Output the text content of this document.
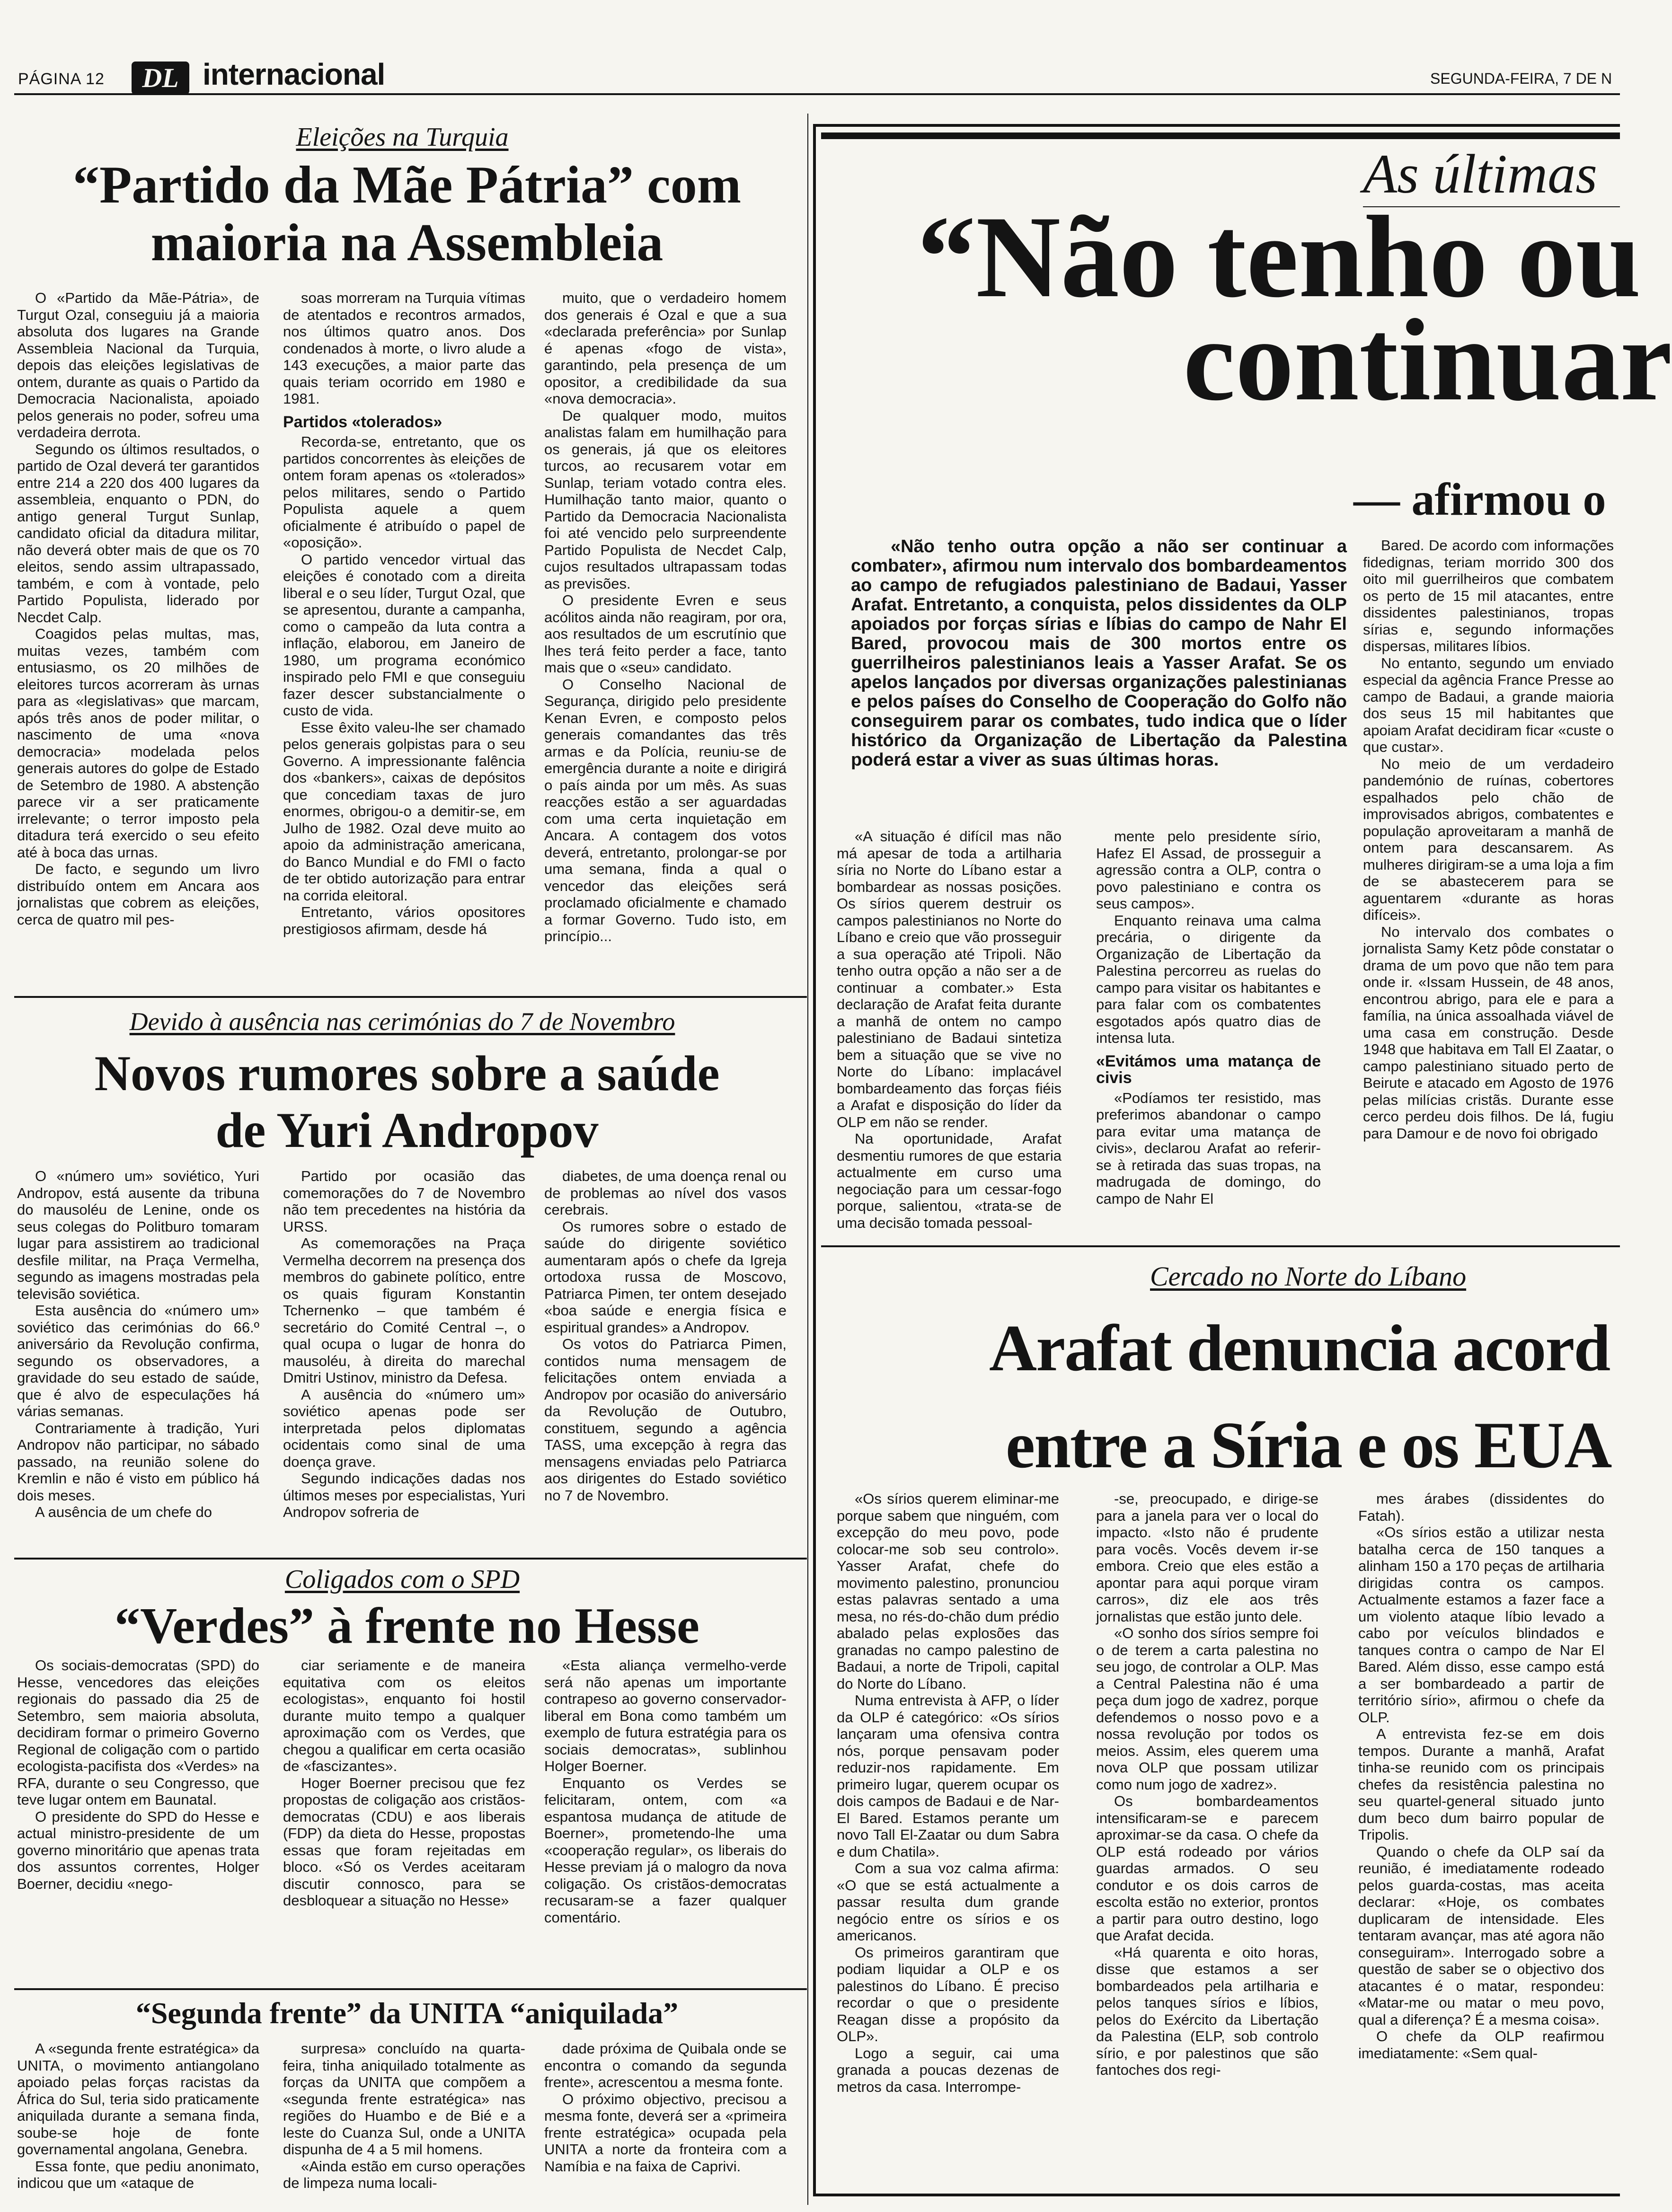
PÁGINA 12	DL internacional	SEGUNDA-FEIRA, 7 DE N
Eleições na Turquia
“Partido da Mãe Pátria” com maioria na Assembleia

O «Partido da Mãe-Pátria», de Turgut Ozal, conseguiu já a maioria absoluta dos lugares na Grande Assembleia Nacional da Turquia, depois das eleições legislativas de ontem, durante as quais o Partido da Democracia Nacionalista, apoiado pelos generais no poder, sofreu uma verdadeira derrota.

Segundo os últimos resultados, o partido de Ozal deverá ter garantidos entre 214 a 220 dos 400 lugares da assembleia, enquanto o PDN, do antigo general Turgut Sunlap, candidato oficial da ditadura militar, não deverá obter mais de que os 70 eleitos, sendo assim ultrapassado, também, e com à vontade, pelo Partido Populista, liderado por Necdet Calp.

Coagidos pelas multas, mas, muitas vezes, também com entusiasmo, os 20 milhões de eleitores turcos acorreram às urnas para as «legislativas» que marcam, após três anos de poder militar, o nascimento de uma «nova democracia» modelada pelos generais autores do golpe de Estado de Setembro de 1980. A abstenção parece vir a ser praticamente irrelevante; o terror imposto pela ditadura terá exercido o seu efeito até à boca das urnas.

De facto, e segundo um livro distribuído ontem em Ancara aos jornalistas que cobrem as eleições, cerca de quatro mil pes-

soas morreram na Turquia vítimas de atentados e recontros armados, nos últimos quatro anos. Dos condenados à morte, o livro alude a 143 execuções, a maior parte das quais teriam ocorrido em 1980 e 1981.

Partidos «tolerados»

Recorda-se, entretanto, que os partidos concorrentes às eleições de ontem foram apenas os «tolerados» pelos militares, sendo o Partido Populista aquele a quem oficialmente é atribuído o papel de «oposição».

O partido vencedor virtual das eleições é conotado com a direita liberal e o seu líder, Turgut Ozal, que se apresentou, durante a campanha, como o campeão da luta contra a inflação, elaborou, em Janeiro de 1980, um programa económico inspirado pelo FMI e que conseguiu fazer descer substancialmente o custo de vida.

Esse êxito valeu-lhe ser chamado pelos generais golpistas para o seu Governo. A impressionante falência dos «bankers», caixas de depósitos que concediam taxas de juro enormes, obrigou-o a demitir-se, em Julho de 1982. Ozal deve muito ao apoio da administração americana, do Banco Mundial e do FMI o facto de ter obtido autorização para entrar na corrida eleitoral.

Entretanto, vários opositores prestigiosos afirmam, desde há

muito, que o verdadeiro homem dos generais é Ozal e que a sua «declarada preferência» por Sunlap é apenas «fogo de vista», garantindo, pela presença de um opositor, a credibilidade da sua «nova democracia».

De qualquer modo, muitos analistas falam em humilhação para os generais, já que os eleitores turcos, ao recusarem votar em Sunlap, teriam votado contra eles. Humilhação tanto maior, quanto o Partido da Democracia Nacionalista foi até vencido pelo surpreendente Partido Populista de Necdet Calp, cujos resultados ultrapassam todas as previsões.

O presidente Evren e seus acólitos ainda não reagiram, por ora, aos resultados de um escrutínio que lhes terá feito perder a face, tanto mais que o «seu» candidato.

O Conselho Nacional de Segurança, dirigido pelo presidente Kenan Evren, e composto pelos generais comandantes das três armas e da Polícia, reuniu-se de emergência durante a noite e dirigirá o país ainda por um mês. As suas reacções estão a ser aguardadas com uma certa inquietação em Ancara. A contagem dos votos deverá, entretanto, prolongar-se por uma semana, finda a qual o vencedor das eleições será proclamado oficialmente e chamado a formar Governo. Tudo isto, em princípio...

Devido à ausência nas cerimónias do 7 de Novembro
Novos rumores sobre a saúde
de Yuri Andropov

O «número um» soviético, Yuri Andropov, está ausente da tribuna do mausoléu de Lenine, onde os seus colegas do Politburo tomaram lugar para assistirem ao tradicional desfile militar, na Praça Vermelha, segundo as imagens mostradas pela televisão soviética.

Esta ausência do «número um» soviético das cerimónias do 66.º aniversário da Revolução confirma, segundo os observadores, a gravidade do seu estado de saúde, que é alvo de especulações há várias semanas.

Contrariamente à tradição, Yuri Andropov não participar, no sábado passado, na reunião solene do Kremlin e não é visto em público há dois meses.

A ausência de um chefe do

Partido por ocasião das comemorações do 7 de Novembro não tem precedentes na história da URSS.

As comemorações na Praça Vermelha decorrem na presença dos membros do gabinete político, entre os quais figuram Konstantin Tchernenko – que também é secretário do Comité Central –, o qual ocupa o lugar de honra do mausoléu, à direita do marechal Dmitri Ustinov, ministro da Defesa.

A ausência do «número um» soviético apenas pode ser interpretada pelos diplomatas ocidentais como sinal de uma doença grave.

Segundo indicações dadas nos últimos meses por especialistas, Yuri Andropov sofreria de

diabetes, de uma doença renal ou de problemas ao nível dos vasos cerebrais.

Os rumores sobre o estado de saúde do dirigente soviético aumentaram após o chefe da Igreja ortodoxa russa de Moscovo, Patriarca Pimen, ter ontem desejado «boa saúde e energia física e espiritual grandes» a Andropov.

Os votos do Patriarca Pimen, contidos numa mensagem de felicitações ontem enviada a Andropov por ocasião do aniversário da Revolução de Outubro, constituem, segundo a agência TASS, uma excepção à regra das mensagens enviadas pelo Patriarca aos dirigentes do Estado soviético no 7 de Novembro.

Coligados com o SPD
“Verdes” à frente no Hesse

Os sociais-democratas (SPD) do Hesse, vencedores das eleições regionais do passado dia 25 de Setembro, sem maioria absoluta, decidiram formar o primeiro Governo Regional de coligação com o partido ecologista-pacifista dos «Verdes» na RFA, durante o seu Congresso, que teve lugar ontem em Baunatal.

O presidente do SPD do Hesse e actual ministro-presidente de um governo minoritário que apenas trata dos assuntos correntes, Holger Boerner, decidiu «nego-

ciar seriamente e de maneira equitativa com os eleitos ecologistas», enquanto foi hostil durante muito tempo a qualquer aproximação com os Verdes, que chegou a qualificar em certa ocasião de «fascizantes».

Hoger Boerner precisou que fez propostas de coligação aos cristãos-democratas (CDU) e aos liberais (FDP) da dieta do Hesse, propostas essas que foram rejeitadas em bloco. «Só os Verdes aceitaram discutir connosco, para se desbloquear a situação no Hesse»

«Esta aliança vermelho-verde será não apenas um importante contrapeso ao governo conservador-liberal em Bona como também um exemplo de futura estratégia para os sociais democratas», sublinhou Holger Boerner.

Enquanto os Verdes se felicitaram, ontem, com «a espantosa mudança de atitude de Boerner», prometendo-lhe uma «cooperação regular», os liberais do Hesse previam já o malogro da nova coligação. Os cristãos-democratas recusaram-se a fazer qualquer comentário.

“Segunda frente” da UNITA “aniquilada”

A «segunda frente estratégica» da UNITA, o movimento antiangolano apoiado pelas forças racistas da África do Sul, teria sido praticamente aniquilada durante a semana finda, soube-se hoje de fonte governamental angolana, Genebra.

Essa fonte, que pediu anonimato, indicou que um «ataque de

surpresa» concluído na quarta-feira, tinha aniquilado totalmente as forças da UNITA que compõem a «segunda frente estratégica» nas regiões do Huambo e de Bié e a leste do Cuanza Sul, onde a UNITA dispunha de 4 a 5 mil homens.

«Ainda estão em curso operações de limpeza numa locali-

dade próxima de Quibala onde se encontra o comando da segunda frente», acrescentou a mesma fonte.

O próximo objectivo, precisou a mesma fonte, deverá ser a «primeira frente estratégica» ocupada pela UNITA a norte da fronteira com a Namíbia e na faixa de Caprivi.

As últimas
“Não tenho ou
continuar
— afirmou o
«Não tenho outra opção a não ser continuar a combater», afirmou num intervalo dos bombardeamentos ao campo de refugiados palestiniano de Badaui, Yasser Arafat. Entretanto, a conquista, pelos dissidentes da OLP apoiados por forças sírias e líbias do campo de Nahr El Bared, provocou mais de 300 mortos entre os guerrilheiros palestinianos leais a Yasser Arafat. Se os apelos lançados por diversas organizações palestinianas e pelos países do Conselho de Cooperação do Golfo não conseguirem parar os combates, tudo indica que o líder histórico da Organização de Libertação da Palestina poderá estar a viver as suas últimas horas.

«A situação é difícil mas não má apesar de toda a artilharia síria no Norte do Líbano estar a bombardear as nossas posições. Os sírios querem destruir os campos palestinianos no Norte do Líbano e creio que vão prosseguir a sua operação até Tripoli. Não tenho outra opção a não ser a de continuar a combater.» Esta declaração de Arafat feita durante a manhã de ontem no campo palestiniano de Badaui sintetiza bem a situação que se vive no Norte do Líbano: implacável bombardeamento das forças fiéis a Arafat e disposição do líder da OLP em não se render.

Na oportunidade, Arafat desmentiu rumores de que estaria actualmente em curso uma negociação para um cessar-fogo porque, salientou, «trata-se de uma decisão tomada pessoal-

mente pelo presidente sírio, Hafez El Assad, de prosseguir a agressão contra a OLP, contra o povo palestiniano e contra os seus campos».

Enquanto reinava uma calma precária, o dirigente da Organização de Libertação da Palestina percorreu as ruelas do campo para visitar os habitantes e para falar com os combatentes esgotados após quatro dias de intensa luta.

«Evitámos uma matança de civis

«Podíamos ter resistido, mas preferimos abandonar o campo para evitar uma matança de civis», declarou Arafat ao referir-se à retirada das suas tropas, na madrugada de domingo, do campo de Nahr El

Bared. De acordo com informações fidedignas, teriam morrido 300 dos oito mil guerrilheiros que combatem os perto de 15 mil atacantes, entre dissidentes palestinianos, tropas sírias e, segundo informações dispersas, militares líbios.

No entanto, segundo um enviado especial da agência France Presse ao campo de Badaui, a grande maioria dos seus 15 mil habitantes que apoiam Arafat decidiram ficar «custe o que custar».

No meio de um verdadeiro pandemónio de ruínas, cobertores espalhados pelo chão de improvisados abrigos, combatentes e população aproveitaram a manhã de ontem para descansarem. As mulheres dirigiram-se a uma loja a fim de se abastecerem para se aguentarem «durante as horas difíceis».

No intervalo dos combates o jornalista Samy Ketz pôde constatar o drama de um povo que não tem para onde ir. «Issam Hussein, de 48 anos, encontrou abrigo, para ele e para a família, na única assoalhada viável de uma casa em construção. Desde 1948 que habitava em Tall El Zaatar, o campo palestiniano situado perto de Beirute e atacado em Agosto de 1976 pelas milícias cristãs. Durante esse cerco perdeu dois filhos. De lá, fugiu para Damour e de novo foi obrigado

Cercado no Norte do Líbano
Arafat denuncia acord
entre a Síria e os EUA

«Os sírios querem eliminar-me porque sabem que ninguém, com excepção do meu povo, pode colocar-me sob seu controlo». Yasser Arafat, chefe do movimento palestino, pronunciou estas palavras sentado a uma mesa, no rés-do-chão dum prédio abalado pelas explosões das granadas no campo palestino de Badaui, a norte de Tripoli, capital do Norte do Líbano.

Numa entrevista à AFP, o líder da OLP é categórico: «Os sírios lançaram uma ofensiva contra nós, porque pensavam poder reduzir-nos rapidamente. Em primeiro lugar, querem ocupar os dois campos de Badaui e de Nar-El Bared. Estamos perante um novo Tall El-Zaatar ou dum Sabra e dum Chatila».

Com a sua voz calma afirma: «O que se está actualmente a passar resulta dum grande negócio entre os sírios e os americanos.

Os primeiros garantiram que podiam liquidar a OLP e os palestinos do Líbano. É preciso recordar o que o presidente Reagan disse a propósito da OLP».

Logo a seguir, cai uma granada a poucas dezenas de metros da casa. Interrompe-

-se, preocupado, e dirige-se para a janela para ver o local do impacto. «Isto não é prudente para vocês. Vocês devem ir-se embora. Creio que eles estão a apontar para aqui porque viram carros», diz ele aos três jornalistas que estão junto dele.

«O sonho dos sírios sempre foi o de terem a carta palestina no seu jogo, de controlar a OLP. Mas a Central Palestina não é uma peça dum jogo de xadrez, porque defendemos o nosso povo e a nossa revolução por todos os meios. Assim, eles querem uma nova OLP que possam utilizar como num jogo de xadrez».

Os bombardeamentos intensificaram-se e parecem aproximar-se da casa. O chefe da OLP está rodeado por vários guardas armados. O seu condutor e os dois carros de escolta estão no exterior, prontos a partir para outro destino, logo que Arafat decida.

«Há quarenta e oito horas, disse que estamos a ser bombardeados pela artilharia e pelos tanques sírios e líbios, pelos do Exército da Libertação da Palestina (ELP, sob controlo sírio, e por palestinos que são fantoches dos regi-

mes árabes (dissidentes do Fatah).

«Os sírios estão a utilizar nesta batalha cerca de 150 tanques a alinham 150 a 170 peças de artilharia dirigidas contra os campos. Actualmente estamos a fazer face a um violento ataque líbio levado a cabo por veículos blindados e tanques contra o campo de Nar El Bared. Além disso, esse campo está a ser bombardeado a partir de território sírio», afirmou o chefe da OLP.

A entrevista fez-se em dois tempos. Durante a manhã, Arafat tinha-se reunido com os principais chefes da resistência palestina no seu quartel-general situado junto dum beco dum bairro popular de Tripolis.

Quando o chefe da OLP saí da reunião, é imediatamente rodeado pelos guarda-costas, mas aceita declarar: «Hoje, os combates duplicaram de intensidade. Eles tentaram avançar, mas até agora não conseguiram». Interrogado sobre a questão de saber se o objectivo dos atacantes é o matar, respondeu: «Matar-me ou matar o meu povo, qual a diferença? É a mesma coisa».

O chefe da OLP reafirmou imediatamente: «Sem qual-
